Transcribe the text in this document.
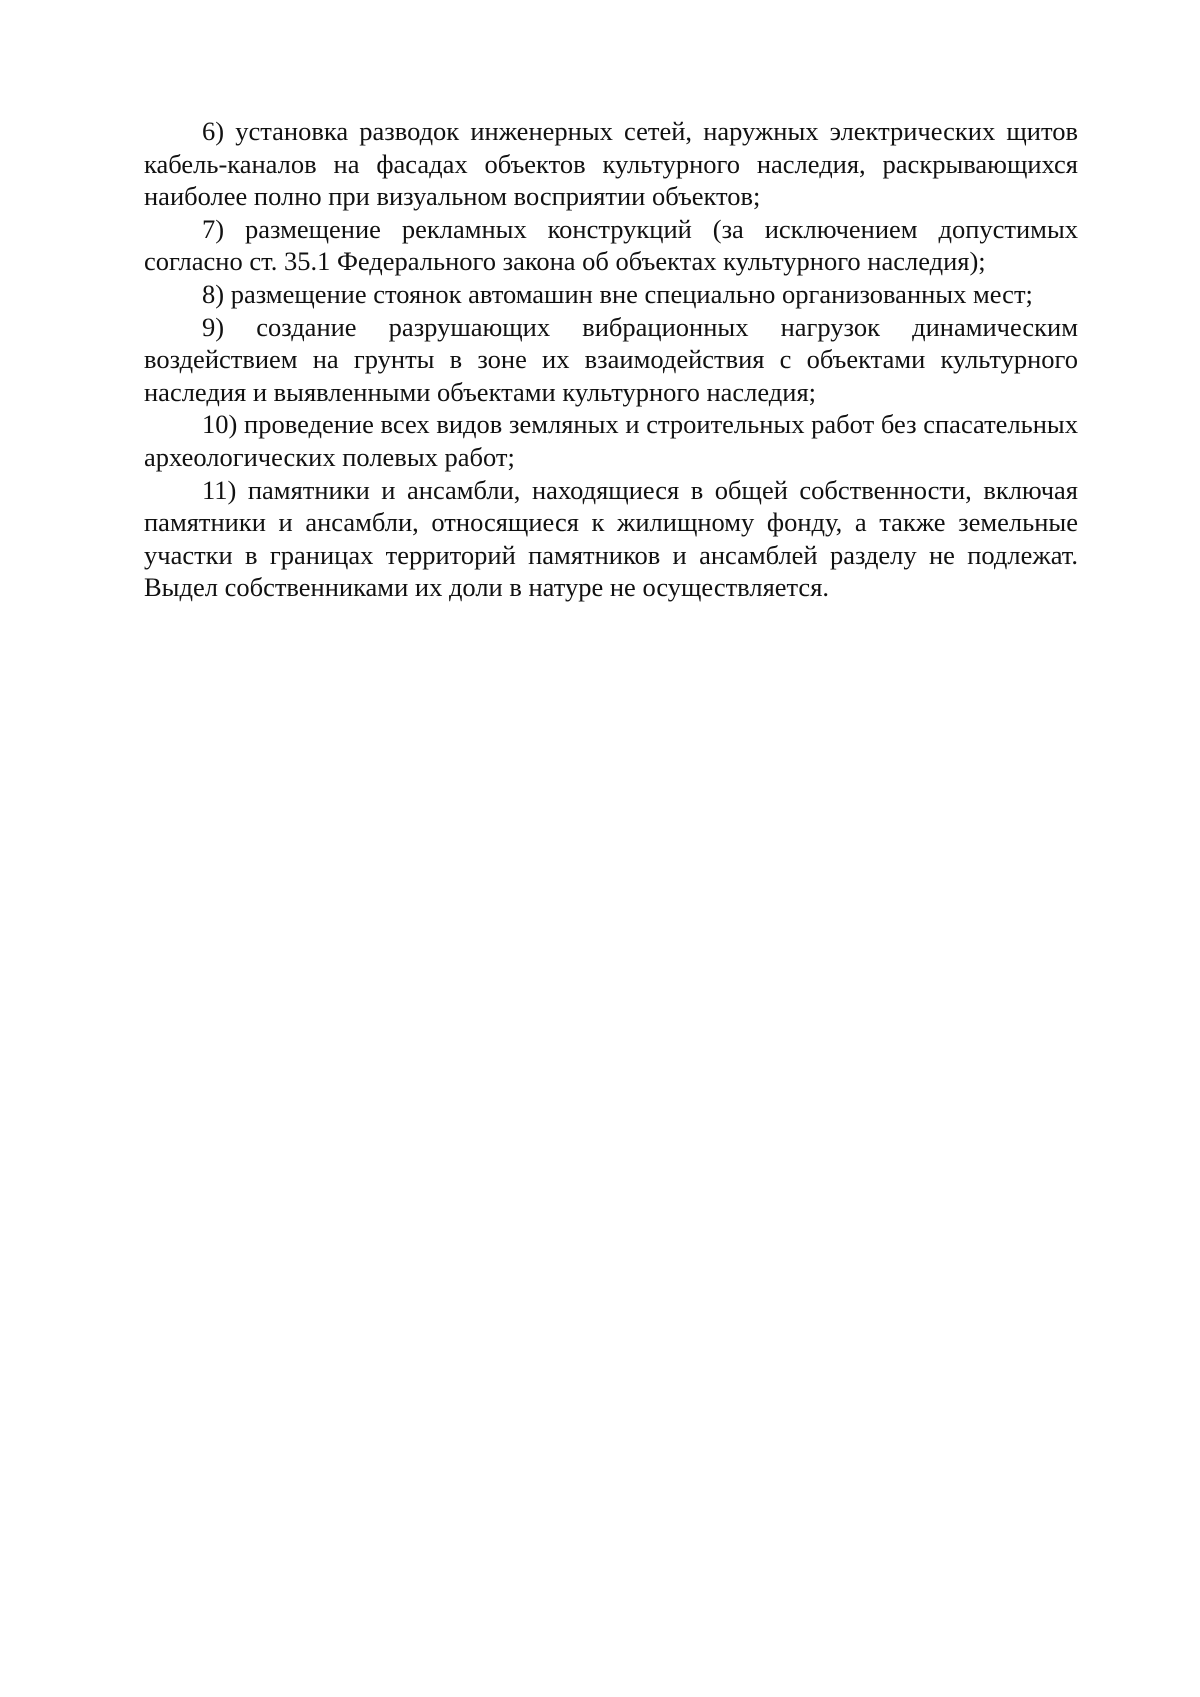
6) установка разводок инженерных сетей, наружных электрических щитов кабель-каналов на фасадах объектов культурного наследия, раскрывающихся наиболее полно при визуальном восприятии объектов;

7) размещение рекламных конструкций (за исключением допустимых согласно ст. 35.1 Федерального закона об объектах культурного наследия);

8) размещение стоянок автомашин вне специально организованных мест;

9) создание разрушающих вибрационных нагрузок динамическим воздействием на грунты в зоне их взаимодействия с объектами культурного наследия и выявленными объектами культурного наследия;

10) проведение всех видов земляных и строительных работ без спасательных археологических полевых работ;

11) памятники и ансамбли, находящиеся в общей собственности, включая памятники и ансамбли, относящиеся к жилищному фонду, а также земельные участки в границах территорий памятников и ансамблей разделу не подлежат. Выдел собственниками их доли в натуре не осуществляется.
